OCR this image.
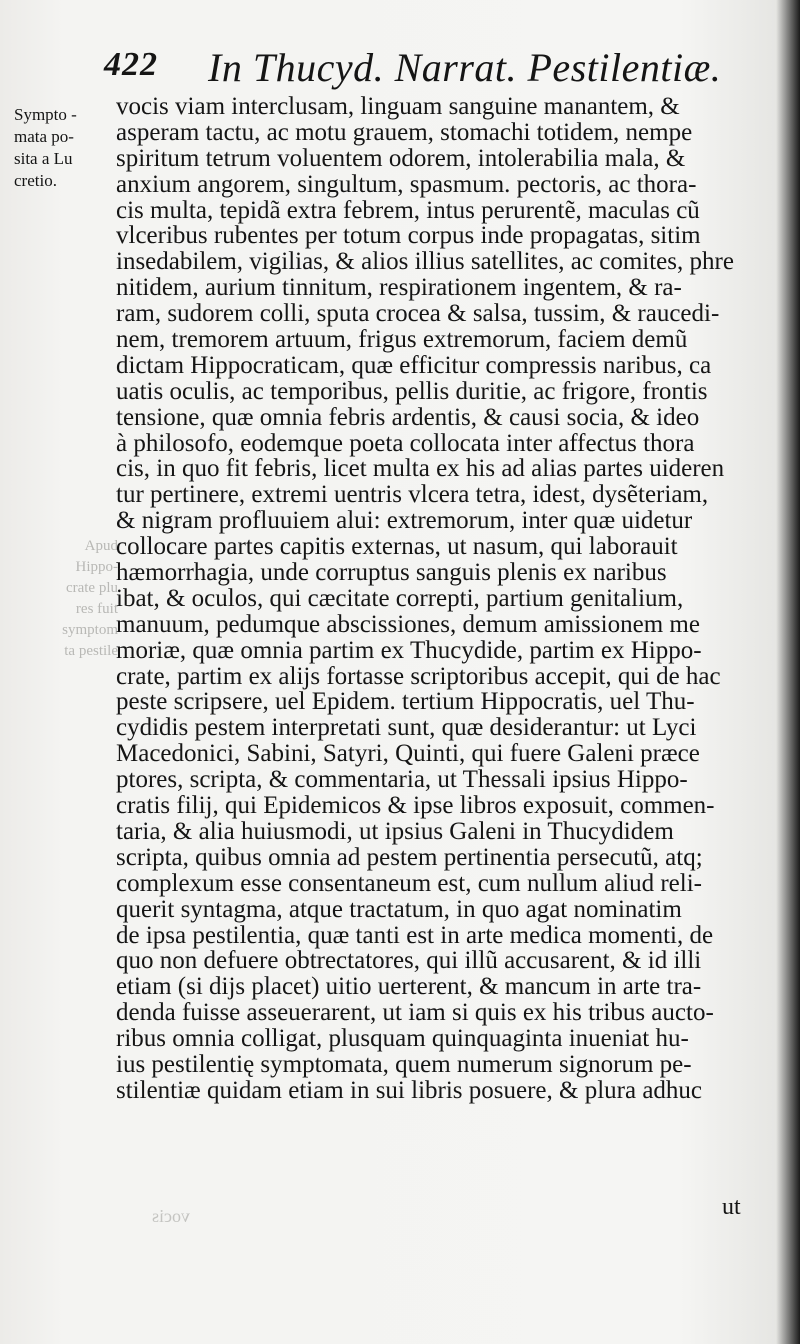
422 In Thucyd. Narrat. Pestilentiæ.
Sympto -
mata po-
sita a Lu
cretio.
Apud
Hippo-
crate plu
res fuit
symptom
ta pestile
vocis viam interclusam, linguam sanguine manantem, &
asperam tactu, ac motu grauem, stomachi totidem, nempe
spiritum tetrum voluentem odorem, intolerabilia mala, &
anxium angorem, singultum, spasmum. pectoris, ac thora-
cis multa, tepidã extra febrem, intus perurentẽ, maculas cũ
vlceribus rubentes per totum corpus inde propagatas, sitim
insedabilem, vigilias, & alios illius satellites, ac comites, phre
nitidem, aurium tinnitum, respirationem ingentem, & ra-
ram, sudorem colli, sputa crocea & salsa, tussim, & raucedi-
nem, tremorem artuum, frigus extremorum, faciem demũ
dictam Hippocraticam, quæ efficitur compressis naribus, ca
uatis oculis, ac temporibus, pellis duritie, ac frigore, frontis
tensione, quæ omnia febris ardentis, & causi socia, & ideo
à philosofo, eodemque poeta collocata inter affectus thora
cis, in quo fit febris, licet multa ex his ad alias partes uideren
tur pertinere, extremi uentris vlcera tetra, idest, dysẽteriam,
& nigram profluuiem alui: extremorum, inter quæ uidetur
collocare partes capitis externas, ut nasum, qui laborauit
hæmorrhagia, unde corruptus sanguis plenis ex naribus
ibat, & oculos, qui cæcitate correpti, partium genitalium,
manuum, pedumque abscissiones, demum amissionem me
moriæ, quæ omnia partim ex Thucydide, partim ex Hippo-
crate, partim ex alijs fortasse scriptoribus accepit, qui de hac
peste scripsere, uel Epidem. tertium Hippocratis, uel Thu-
cydidis pestem interpretati sunt, quæ desiderantur: ut Lyci
Macedonici, Sabini, Satyri, Quinti, qui fuere Galeni præce
ptores, scripta, & commentaria, ut Thessali ipsius Hippo-
cratis filij, qui Epidemicos & ipse libros exposuit, commen-
taria, & alia huiusmodi, ut ipsius Galeni in Thucydidem
scripta, quibus omnia ad pestem pertinentia persecutũ, atq;
complexum esse consentaneum est, cum nullum aliud reli-
querit syntagma, atque tractatum, in quo agat nominatim
de ipsa pestilentia, quæ tanti est in arte medica momenti, de
quo non defuere obtrectatores, qui illũ accusarent, & id illi
etiam (si dijs placet) uitio uerterent, & mancum in arte tra-
denda fuisse asseuerarent, ut iam si quis ex his tribus aucto-
ribus omnia colligat, plusquam quinquaginta inueniat hu-
ius pestilentię symptomata, quem numerum signorum pe-
stilentiæ quidam etiam in sui libris posuere, & plura adhuc
vocis	ut
